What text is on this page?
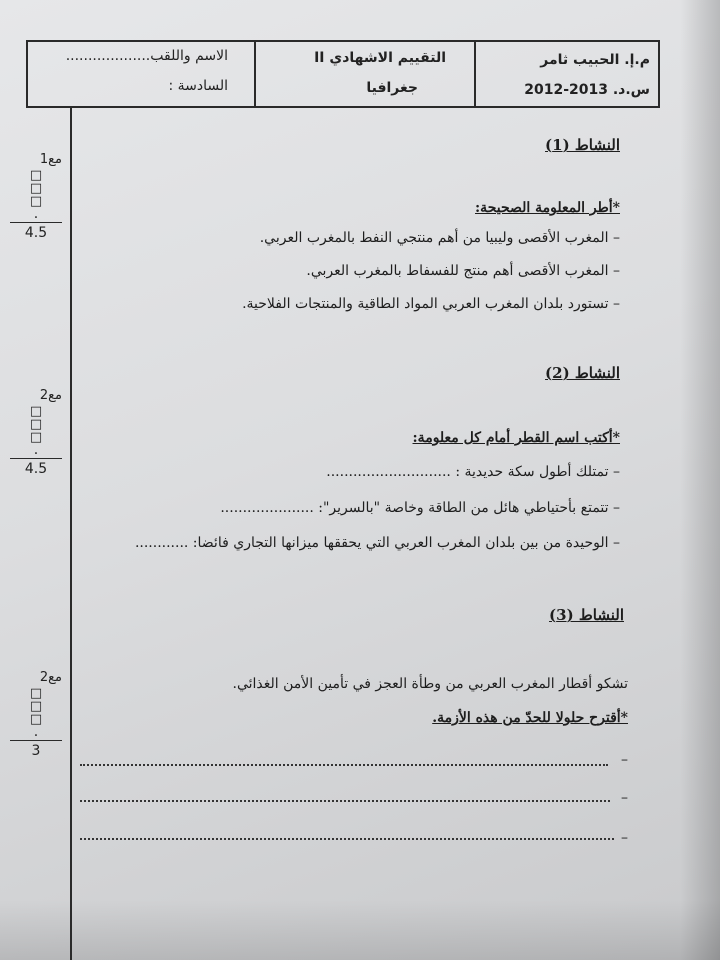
م.إ. الحبيب ثامر
س.د. 2013-2012
التقييم الاشهادي II
جغرافيا
الاسم واللقب...................
السادسة :
النشاط (1)
*أطر المعلومة الصحيحة:
– المغرب الأقصى وليبيا من أهم منتجي النفط بالمغرب العربي.
– المغرب الأقصى أهم منتج للفسفاط بالمغرب العربي.
– تستورد بلدان المغرب العربي المواد الطاقية والمنتجات الفلاحية.
مع1
□
□
□
.
4.5
النشاط (2)
*أكتب اسم القطر أمام كل معلومة:
– تمتلك أطول سكة حديدية : ............................
– تتمتع بأحتياطي هائل من الطاقة وخاصة "بالسرير": .....................
– الوحيدة من بين بلدان المغرب العربي التي يحققها ميزانها التجاري فائضا: ............
مع2
□
□
□
.
4.5
النشاط (3)
تشكو أقطار المغرب العربي من وطأة العجز في تأمين الأمن الغذائي.
*أقترح حلولا للحدّ من هذه الأزمة.
–
–
–
مع2
□
□
□
.
3
